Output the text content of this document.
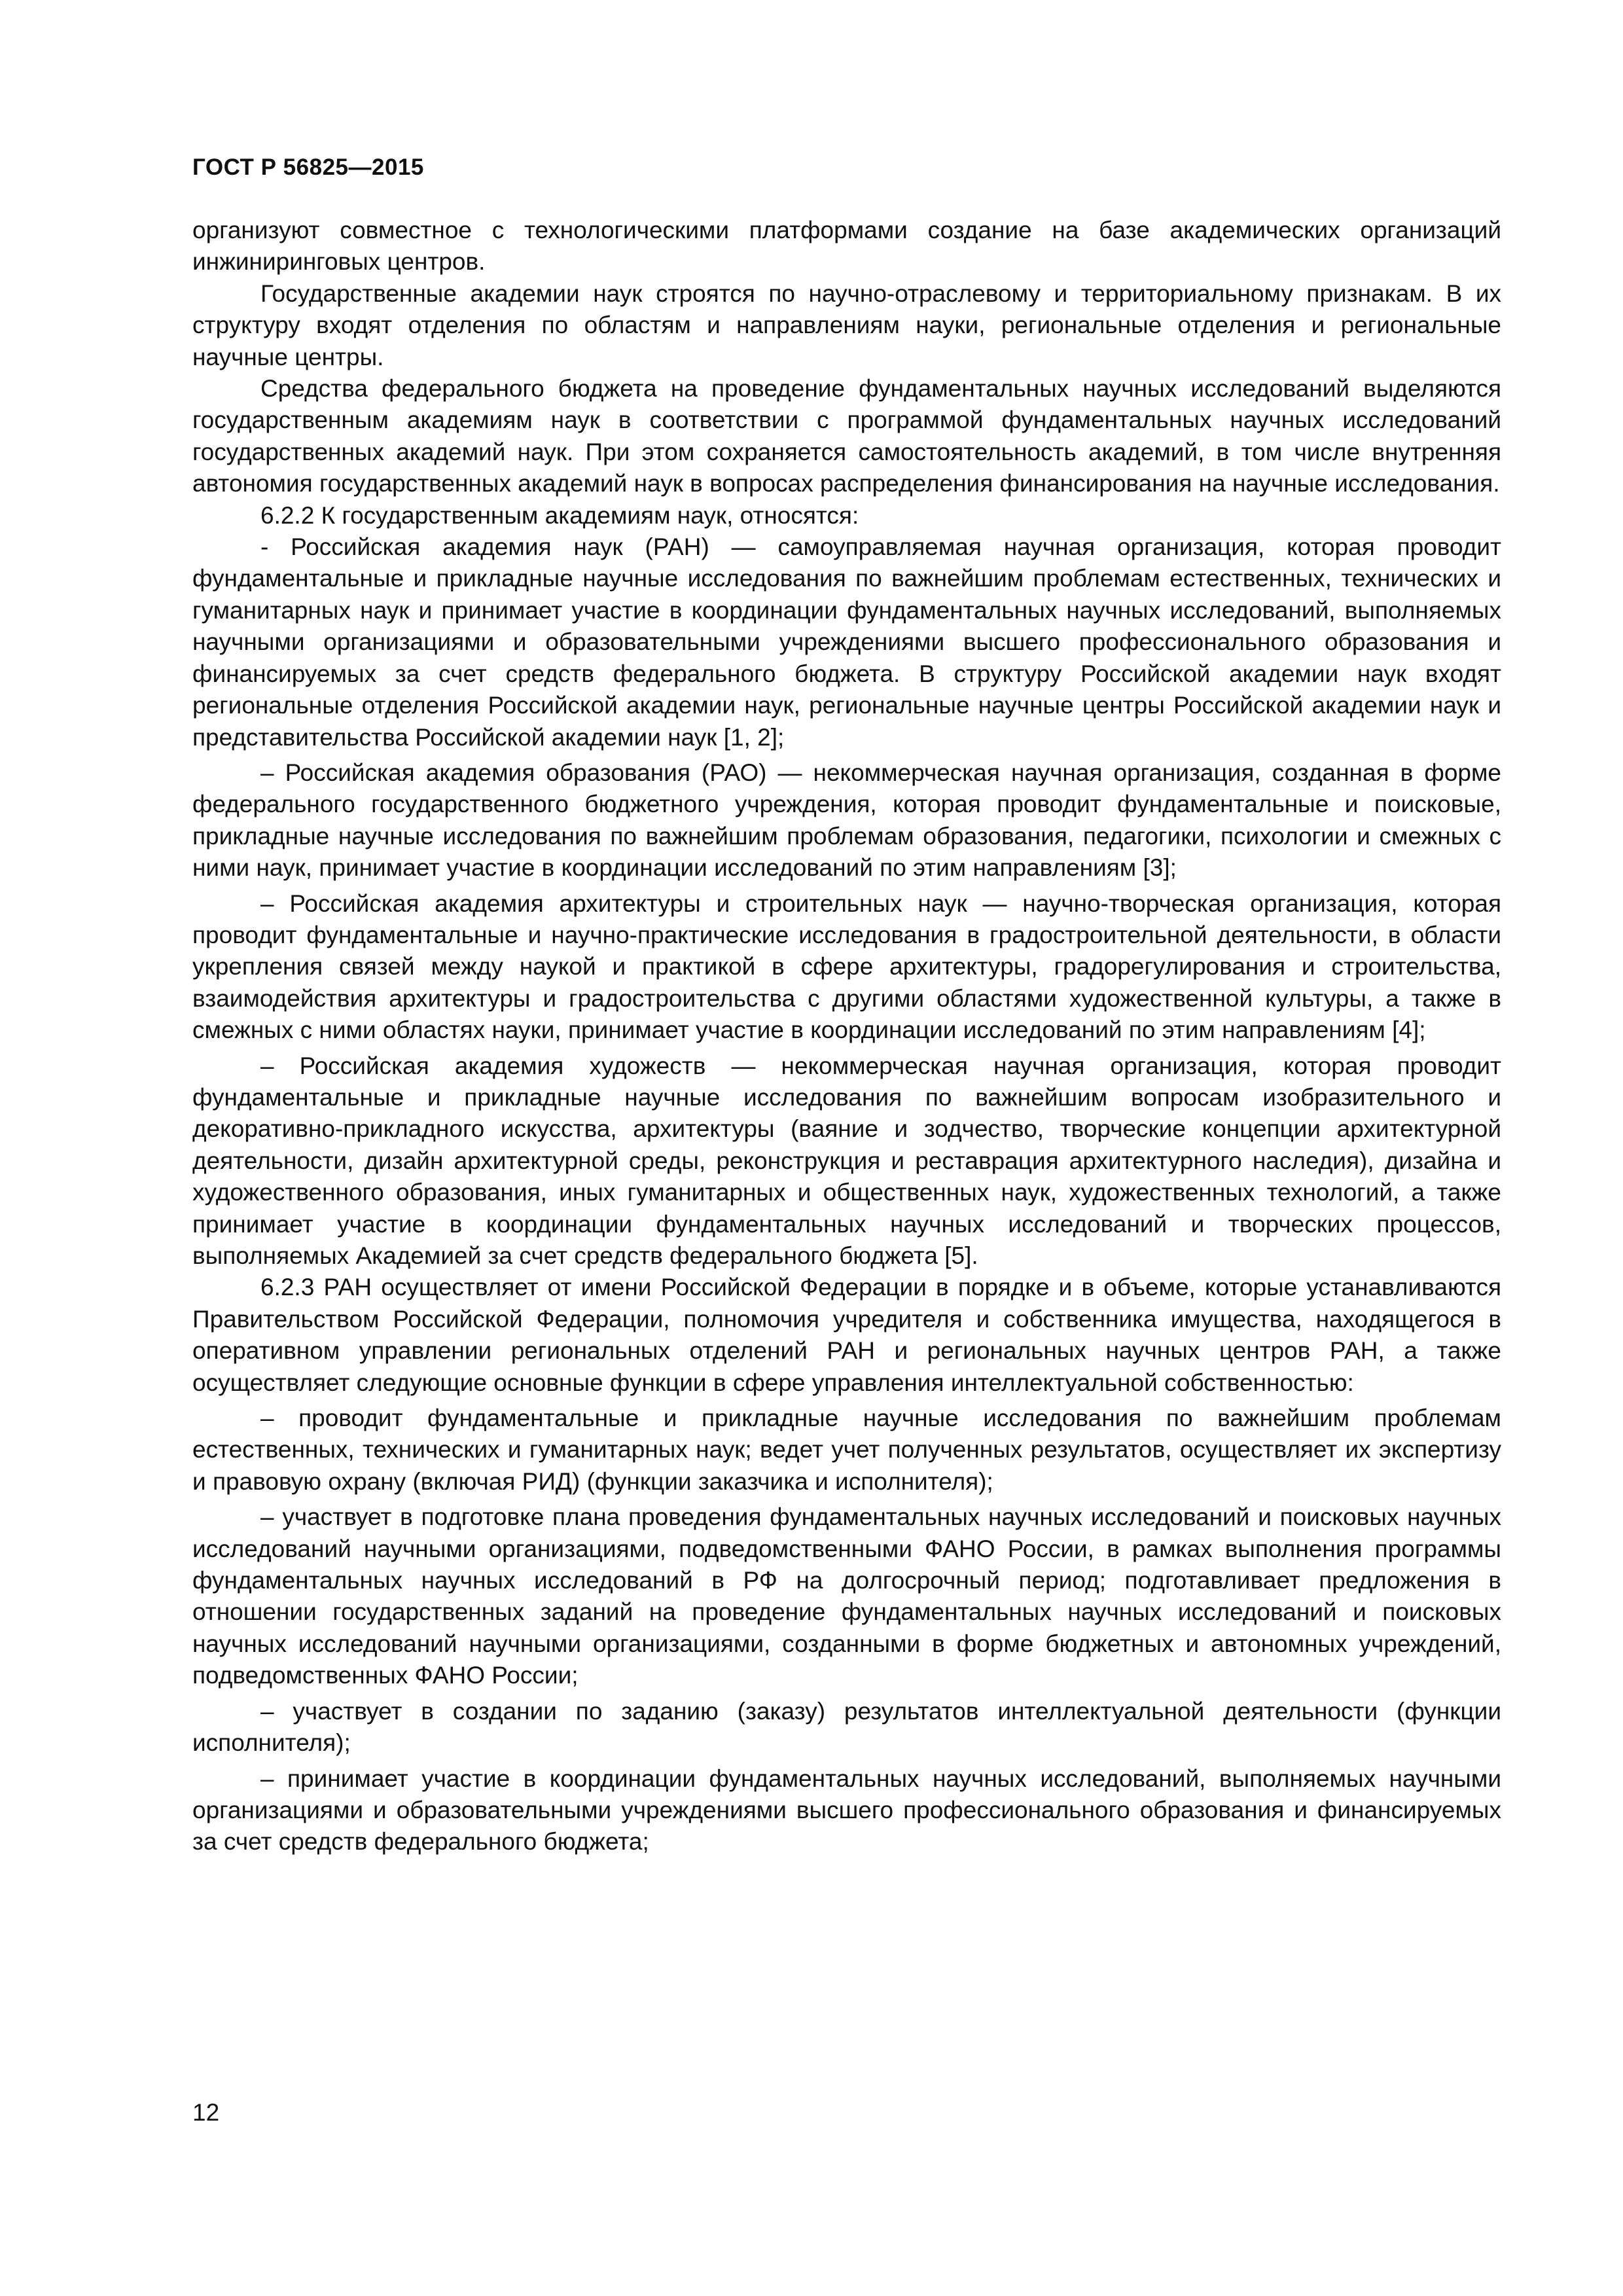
ГОСТ Р 56825—2015

организуют совместное с технологическими платформами создание на базе академических организаций инжиниринговых центров.

Государственные академии наук строятся по научно-отраслевому и территориальному признакам. В их структуру входят отделения по областям и направлениям науки, региональные отделения и региональные научные центры.

Средства федерального бюджета на проведение фундаментальных научных исследований выделяются государственным академиям наук в соответствии с программой фундаментальных научных исследований государственных академий наук. При этом сохраняется самостоятельность академий, в том числе внутренняя автономия государственных академий наук в вопросах распределения финансирования на научные исследования.

6.2.2 К государственным академиям наук, относятся:

- Российская академия наук (РАН) — самоуправляемая научная организация, которая проводит фундаментальные и прикладные научные исследования по важнейшим проблемам естественных, технических и гуманитарных наук и принимает участие в координации фундаментальных научных исследований, выполняемых научными организациями и образовательными учреждениями высшего профессионального образования и финансируемых за счет средств федерального бюджета. В структуру Российской академии наук входят региональные отделения Российской академии наук, региональные научные центры Российской академии наук и представительства Российской академии наук [1, 2];

– Российская академия образования (РАО) — некоммерческая научная организация, созданная в форме федерального государственного бюджетного учреждения, которая проводит фундаментальные и поисковые, прикладные научные исследования по важнейшим проблемам образования, педагогики, психологии и смежных с ними наук, принимает участие в координации исследований по этим направлениям [3];

– Российская академия архитектуры и строительных наук — научно-творческая организация, которая проводит фундаментальные и научно-практические исследования в градостроительной деятельности, в области укрепления связей между наукой и практикой в сфере архитектуры, градорегулирования и строительства, взаимодействия архитектуры и градостроительства с другими областями художественной культуры, а также в смежных с ними областях науки, принимает участие в координации исследований по этим направлениям [4];

– Российская академия художеств — некоммерческая научная организация, которая проводит фундаментальные и прикладные научные исследования по важнейшим вопросам изобразительного и декоративно-прикладного искусства, архитектуры (ваяние и зодчество, творческие концепции архитектурной деятельности, дизайн архитектурной среды, реконструкция и реставрация архитектурного наследия), дизайна и художественного образования, иных гуманитарных и общественных наук, художественных технологий, а также принимает участие в координации фундаментальных научных исследований и творческих процессов, выполняемых Академией за счет средств федерального бюджета [5].

6.2.3 РАН осуществляет от имени Российской Федерации в порядке и в объеме, которые устанавливаются Правительством Российской Федерации, полномочия учредителя и собственника имущества, находящегося в оперативном управлении региональных отделений РАН и региональных научных центров РАН, а также осуществляет следующие основные функции в сфере управления интеллектуальной собственностью:

– проводит фундаментальные и прикладные научные исследования по важнейшим проблемам естественных, технических и гуманитарных наук; ведет учет полученных результатов, осуществляет их экспертизу и правовую охрану (включая РИД) (функции заказчика и исполнителя);

– участвует в подготовке плана проведения фундаментальных научных исследований и поисковых научных исследований научными организациями, подведомственными ФАНО России, в рамках выполнения программы фундаментальных научных исследований в РФ на долгосрочный период; подготавливает предложения в отношении государственных заданий на проведение фундаментальных научных исследований и поисковых научных исследований научными организациями, созданными в форме бюджетных и автономных учреждений, подведомственных ФАНО России;

– участвует в создании по заданию (заказу) результатов интеллектуальной деятельности (функции исполнителя);

– принимает участие в координации фундаментальных научных исследований, выполняемых научными организациями и образовательными учреждениями высшего профессионального образования и финансируемых за счет средств федерального бюджета;

12
